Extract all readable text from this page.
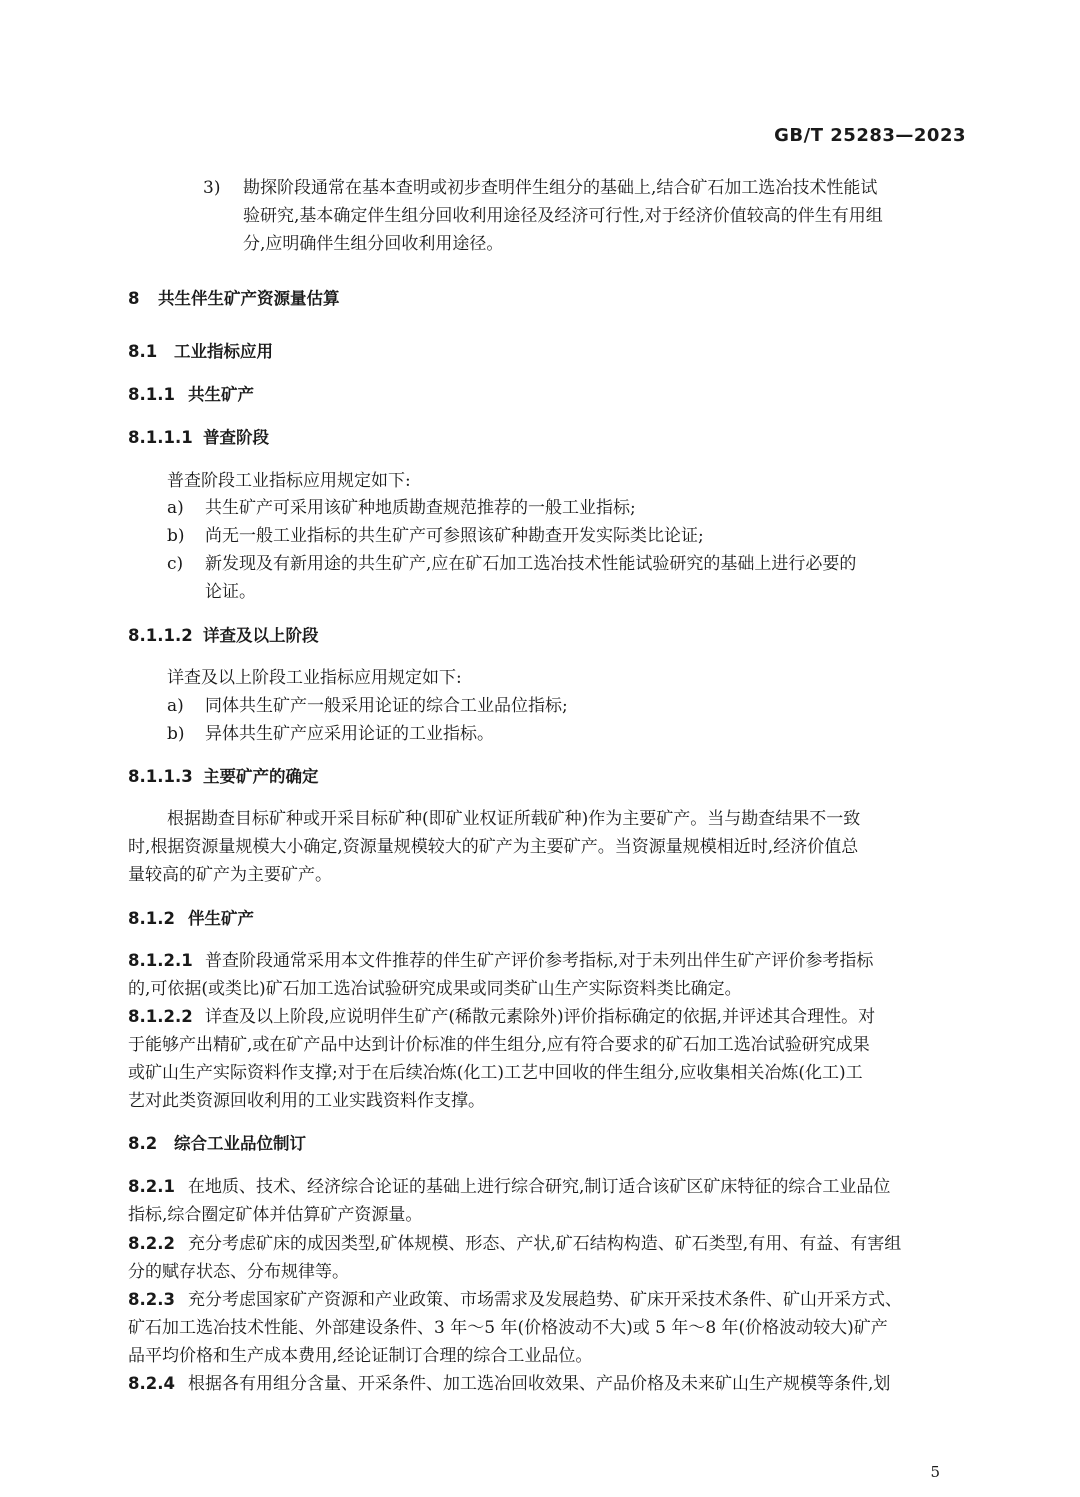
GB/T 25283—2023
3) 勘探阶段通常在基本查明或初步查明伴生组分的基础上,结合矿石加工选冶技术性能试
验研究,基本确定伴生组分回收利用途径及经济可行性,对于经济价值较高的伴生有用组
分,应明确伴生组分回收利用途径。
8 共生伴生矿产资源量估算
8.1 工业指标应用
8.1.1 共生矿产
8.1.1.1 普查阶段
普查阶段工业指标应用规定如下:
a) 共生矿产可采用该矿种地质勘查规范推荐的一般工业指标;
b) 尚无一般工业指标的共生矿产可参照该矿种勘查开发实际类比论证;
c) 新发现及有新用途的共生矿产,应在矿石加工选冶技术性能试验研究的基础上进行必要的
论证。
8.1.1.2 详查及以上阶段
详查及以上阶段工业指标应用规定如下:
a) 同体共生矿产一般采用论证的综合工业品位指标;
b) 异体共生矿产应采用论证的工业指标。
8.1.1.3 主要矿产的确定
根据勘查目标矿种或开采目标矿种(即矿业权证所载矿种)作为主要矿产。当与勘查结果不一致
时,根据资源量规模大小确定,资源量规模较大的矿产为主要矿产。当资源量规模相近时,经济价值总
量较高的矿产为主要矿产。
8.1.2 伴生矿产
8.1.2.1 普查阶段通常采用本文件推荐的伴生矿产评价参考指标,对于未列出伴生矿产评价参考指标
的,可依据(或类比)矿石加工选冶试验研究成果或同类矿山生产实际资料类比确定。
8.1.2.2 详查及以上阶段,应说明伴生矿产(稀散元素除外)评价指标确定的依据,并评述其合理性。对
于能够产出精矿,或在矿产品中达到计价标准的伴生组分,应有符合要求的矿石加工选冶试验研究成果
或矿山生产实际资料作支撑;对于在后续冶炼(化工)工艺中回收的伴生组分,应收集相关冶炼(化工)工
艺对此类资源回收利用的工业实践资料作支撑。
8.2 综合工业品位制订
8.2.1 在地质、技术、经济综合论证的基础上进行综合研究,制订适合该矿区矿床特征的综合工业品位
指标,综合圈定矿体并估算矿产资源量。
8.2.2 充分考虑矿床的成因类型,矿体规模、形态、产状,矿石结构构造、矿石类型,有用、有益、有害组
分的赋存状态、分布规律等。
8.2.3 充分考虑国家矿产资源和产业政策、市场需求及发展趋势、矿床开采技术条件、矿山开采方式、
矿石加工选冶技术性能、外部建设条件、3 年～5 年(价格波动不大)或 5 年～8 年(价格波动较大)矿产
品平均价格和生产成本费用,经论证制订合理的综合工业品位。
8.2.4 根据各有用组分含量、开采条件、加工选冶回收效果、产品价格及未来矿山生产规模等条件,划
5
